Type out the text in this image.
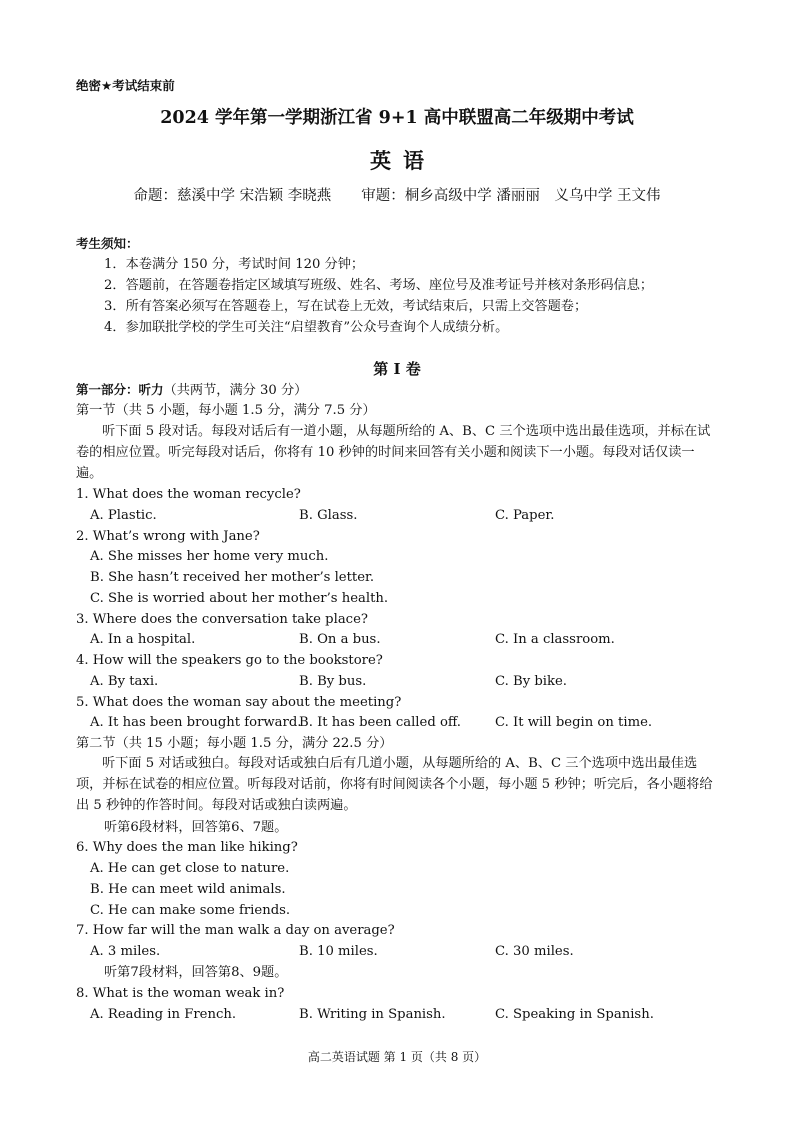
绝密★考试结束前
2024 学年第一学期浙江省 9+1 高中联盟高二年级期中考试
英语
命题：慈溪中学 宋浩颖 李晓燕 审题：桐乡高级中学 潘丽丽　义乌中学 王文伟
考生须知：
1．本卷满分 150 分，考试时间 120 分钟；
2．答题前，在答题卷指定区域填写班级、姓名、考场、座位号及准考证号并核对条形码信息；
3．所有答案必须写在答题卷上，写在试卷上无效，考试结束后，只需上交答题卷；
4．参加联批学校的学生可关注“启望教育”公众号查询个人成绩分析。
第 I 卷
第一部分：听力（共两节，满分 30 分）
第一节（共 5 小题，每小题 1.5 分，满分 7.5 分）
听下面 5 段对话。每段对话后有一道小题，从每题所给的 A、B、C 三个选项中选出最佳选项，并标在试卷的相应位置。听完每段对话后，你将有 10 秒钟的时间来回答有关小题和阅读下一小题。每段对话仅读一遍。
1. What does the woman recycle?
A. Plastic.	B. Glass.	C. Paper.
2. What’s wrong with Jane?
A. She misses her home very much.
B. She hasn’t received her mother’s letter.
C. She is worried about her mother’s health.
3. Where does the conversation take place?
A. In a hospital.	B. On a bus.	C. In a classroom.
4. How will the speakers go to the bookstore?
A. By taxi.	B. By bus.	C. By bike.
5. What does the woman say about the meeting?
A. It has been brought forward.
B. It has been called off.	C. It will begin on time.
第二节（共 15 小题；每小题 1.5 分，满分 22.5 分）
听下面 5 对话或独白。每段对话或独白后有几道小题，从每题所给的 A、B、C 三个选项中选出最佳选项，并标在试卷的相应位置。听每段对话前，你将有时间阅读各个小题，每小题 5 秒钟；听完后，各小题将给出 5 秒钟的作答时间。每段对话或独白读两遍。
听第6段材料，回答第6、7题。
6. Why does the man like hiking?
A. He can get close to nature.
B. He can meet wild animals.
C. He can make some friends.
7. How far will the man walk a day on average?
A. 3 miles.	B. 10 miles.	C. 30 miles.
听第7段材料，回答第8、9题。
8. What is the woman weak in?
A. Reading in French.	B. Writing in Spanish.	C. Speaking in Spanish.
高二英语试题 第 1 页（共 8 页）
